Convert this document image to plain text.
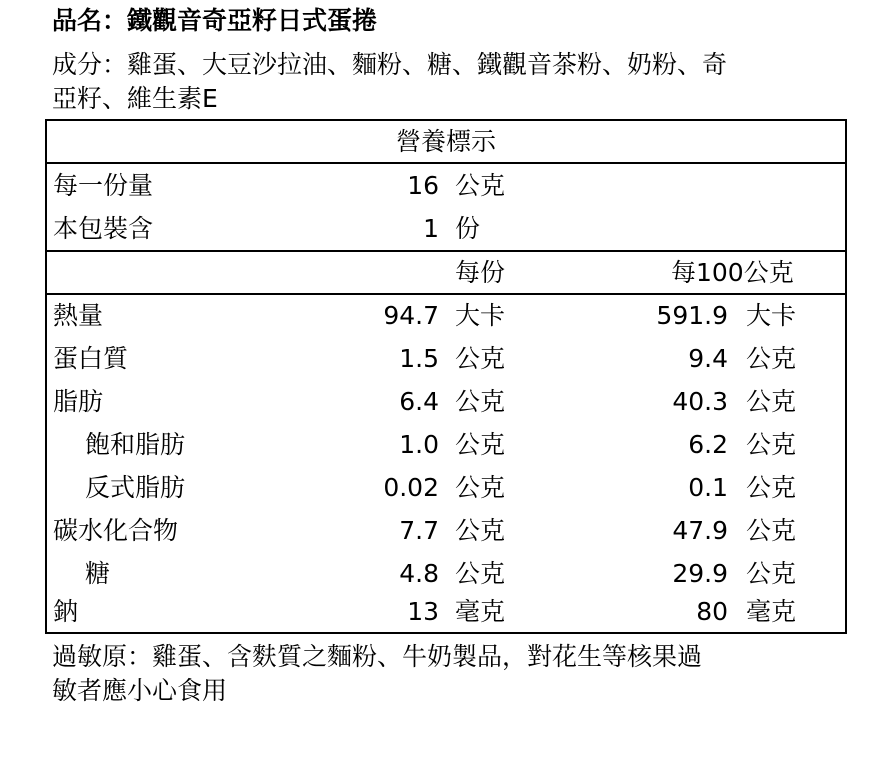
品名：鐵觀音奇亞籽日式蛋捲
成分：雞蛋、大豆沙拉油、麵粉、糖、鐵觀音茶粉、奶粉、奇
亞籽、維生素E
營養標示
每一份量	16 公克
本包裝含	1 份
每份	每100公克
熱量	94.7 大卡	591.9 大卡
蛋白質	1.5 公克	9.4 公克
脂肪	6.4 公克	40.3 公克
飽和脂肪	1.0 公克	6.2 公克
反式脂肪	0.02 公克	0.1 公克
碳水化合物	7.7 公克	47.9 公克
糖	4.8 公克	29.9 公克
鈉	13 毫克	80 毫克
過敏原：雞蛋、含麩質之麵粉、牛奶製品，對花生等核果過
敏者應小心食用
